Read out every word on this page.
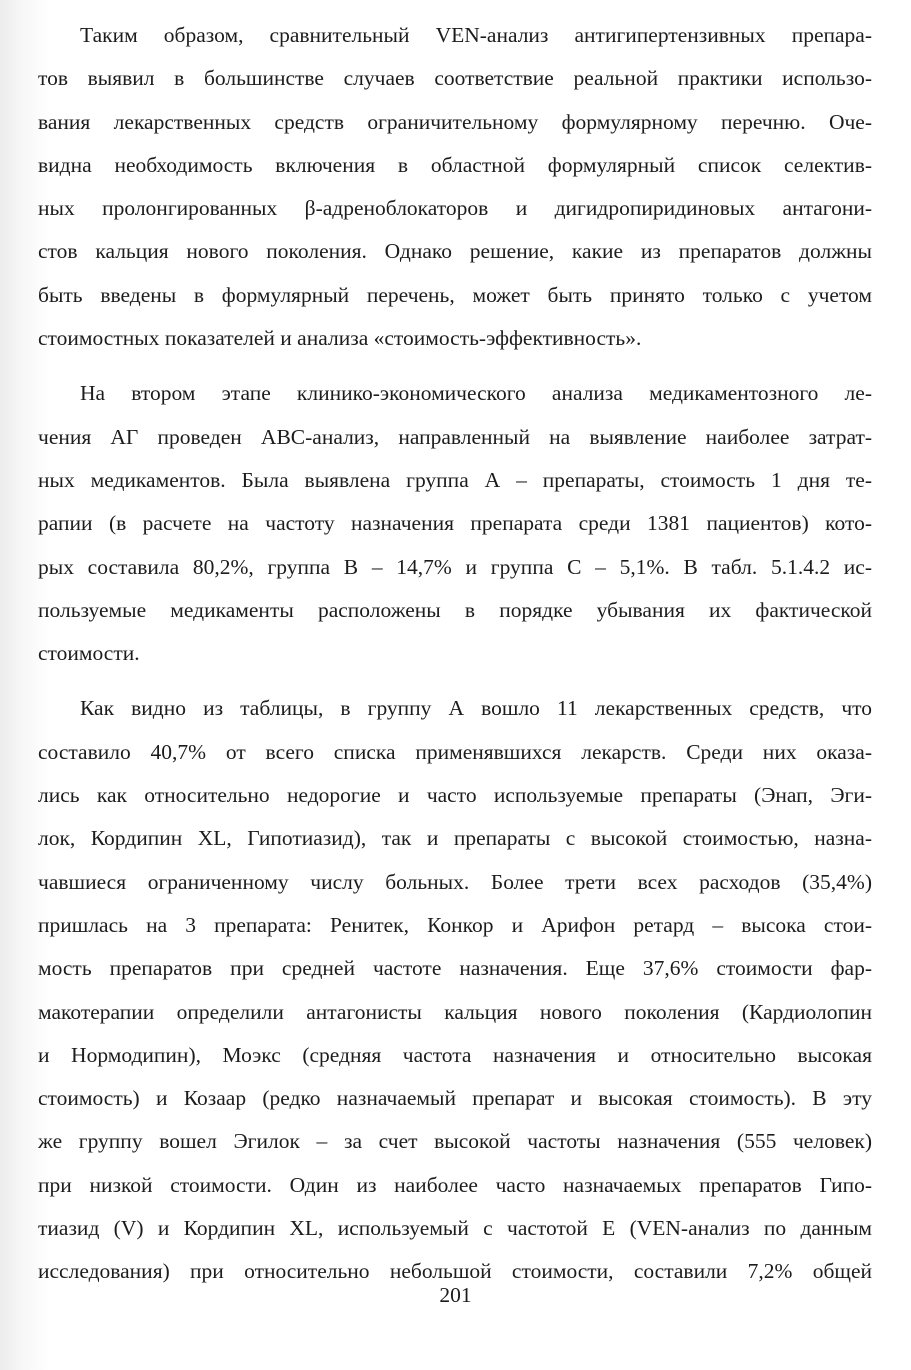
Таким образом, сравнительный VEN-анализ антигипертензивных препара-
тов выявил в большинстве случаев соответствие реальной практики использо-
вания лекарственных средств ограничительному формулярному перечню. Оче-
видна необходимость включения в областной формулярный список селектив-
ных пролонгированных β-адреноблокаторов и дигидропиридиновых антагони-
стов кальция нового поколения. Однако решение, какие из препаратов должны
быть введены в формулярный перечень, может быть принято только с учетом
стоимостных показателей и анализа «стоимость-эффективность».
На втором этапе клинико-экономического анализа медикаментозного ле-
чения АГ проведен ABC-анализ, направленный на выявление наиболее затрат-
ных медикаментов. Была выявлена группа А – препараты, стоимость 1 дня те-
рапии (в расчете на частоту назначения препарата среди 1381 пациентов) кото-
рых составила 80,2%, группа В – 14,7% и группа С – 5,1%. В табл. 5.1.4.2 ис-
пользуемые медикаменты расположены в порядке убывания их фактической
стоимости.
Как видно из таблицы, в группу А вошло 11 лекарственных средств, что
составило 40,7% от всего списка применявшихся лекарств. Среди них оказа-
лись как относительно недорогие и часто используемые препараты (Энап, Эги-
лок, Кордипин XL, Гипотиазид), так и препараты с высокой стоимостью, назна-
чавшиеся ограниченному числу больных. Более трети всех расходов (35,4%)
пришлась на 3 препарата: Ренитек, Конкор и Арифон ретард – высока стои-
мость препаратов при средней частоте назначения. Еще 37,6% стоимости фар-
макотерапии определили антагонисты кальция нового поколения (Кардиолопин
и Нормодипин), Моэкс (средняя частота назначения и относительно высокая
стоимость) и Козаар (редко назначаемый препарат и высокая стоимость). В эту
же группу вошел Эгилок – за счет высокой частоты назначения (555 человек)
при низкой стоимости. Один из наиболее часто назначаемых препаратов Гипо-
тиазид (V) и Кордипин XL, используемый с частотой Е (VEN-анализ по данным
исследования) при относительно небольшой стоимости, составили 7,2% общей
201
